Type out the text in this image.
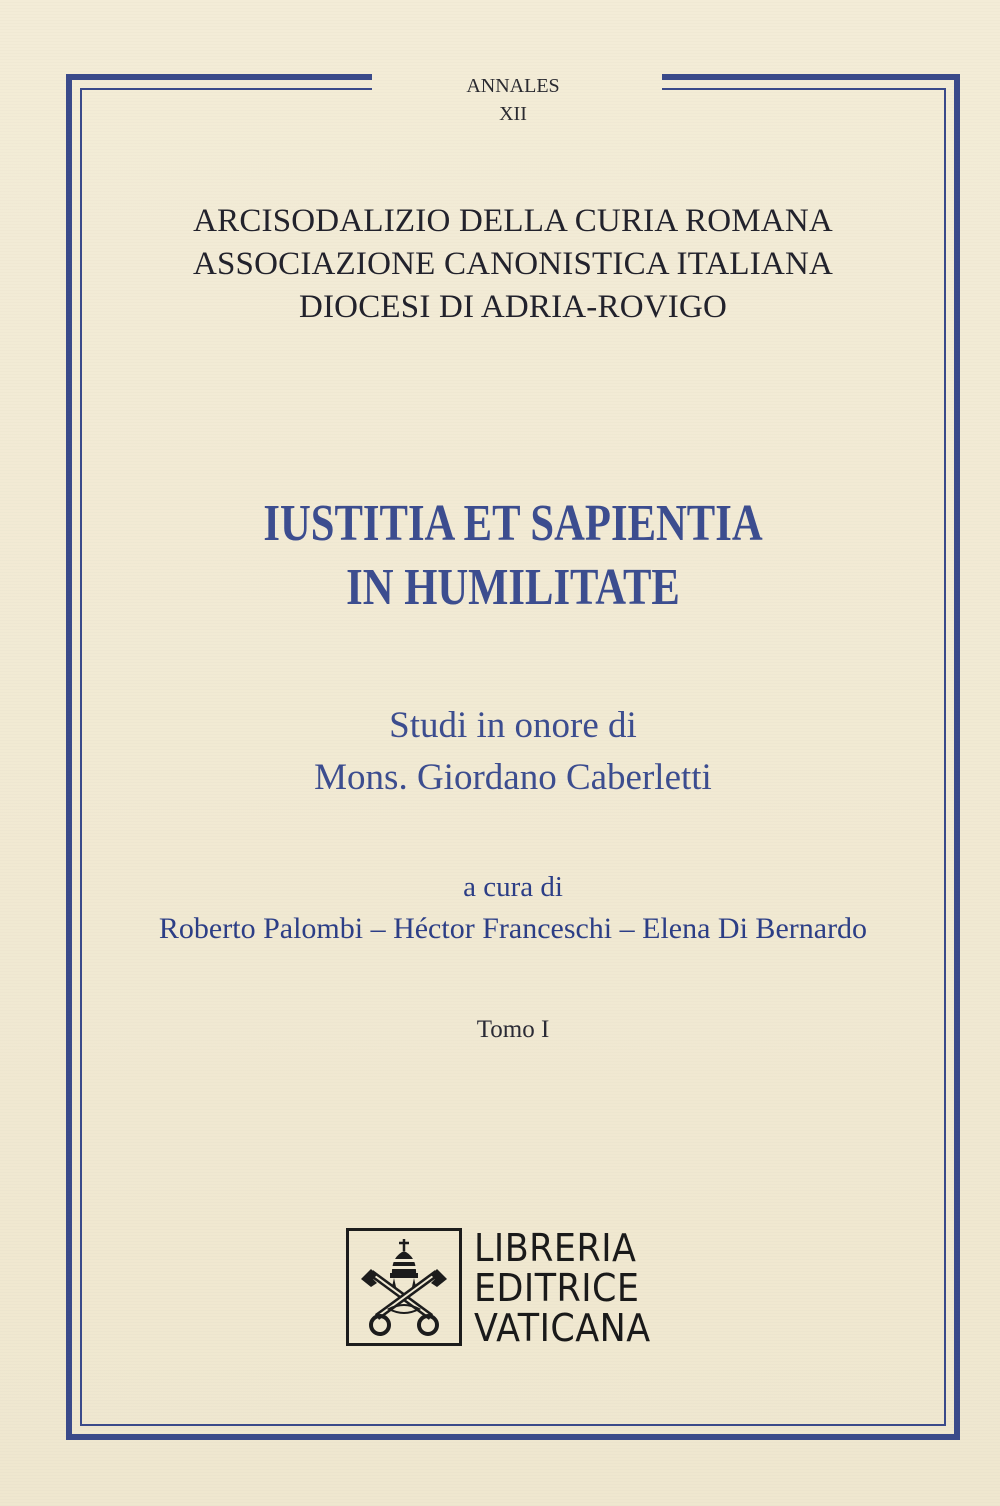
ANNALES
XII
ARCISODALIZIO DELLA CURIA ROMANA
ASSOCIAZIONE CANONISTICA ITALIANA
DIOCESI DI ADRIA-ROVIGO
IUSTITIA ET SAPIENTIA
IN HUMILITATE
Studi in onore di
Mons. Giordano Caberletti
a cura di
Roberto Palombi – Héctor Franceschi – Elena Di Bernardo
Tomo I
LIBRERIA
EDITRICE
VATICANA
